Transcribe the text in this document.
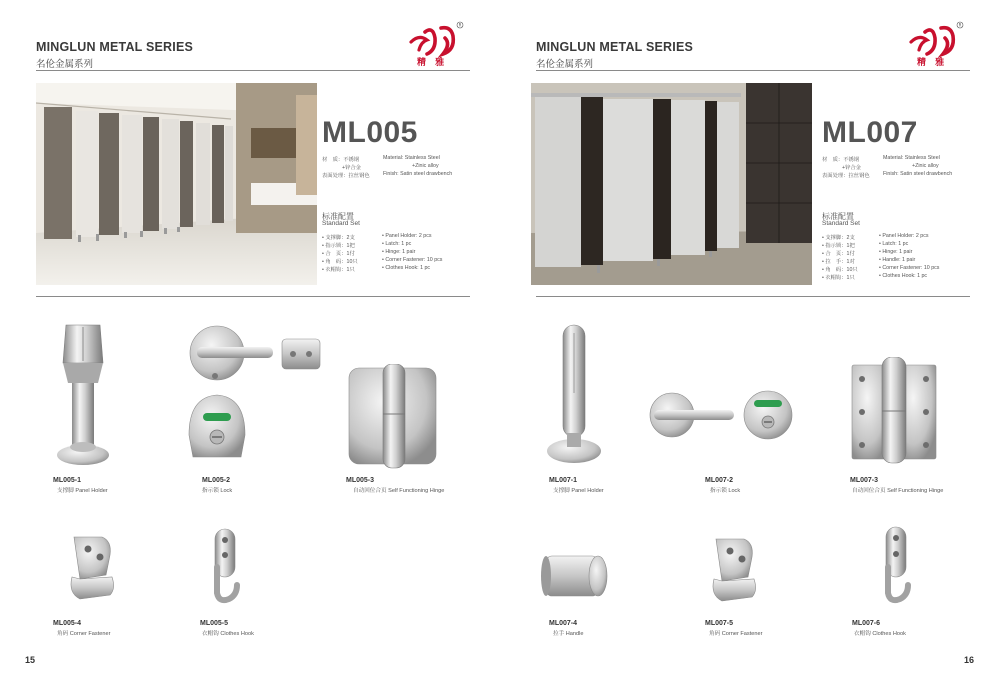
MINGLUN METAL SERIES
名伦金属系列
R
精 雅
ML005
材　质：不锈钢	Material: Stainless Steel
+锌合金	+Zinic alloy
表面处理：拉丝钢色	Finish: Satin steel drawbench
标准配置
Standard Set
• 支撑脚：2支
• 指示锁：1把
• 合　页：1付
• 角　码：10只
• 衣帽钩：1只
• Panel Holder: 2 pcs
• Latch: 1 pc
• Hinge: 1 pair
• Corner Fastener: 10 pcs
• Clothes Hook: 1 pc
ML005-1
支撑脚 Panel Holder
ML005-2
指示锁 Lock
ML005-3
自动回位合页 Self Functioning Hinge
ML005-4
角码 Corner Fastener
ML005-5
衣帽钩 Clothes Hook
15
MINGLUN METAL SERIES
名伦金属系列
R
精 雅
ML007
材　质：不锈钢	Material: Stainless Steel
+锌合金	+Zinic alloy
表面处理：拉丝钢色	Finish: Satin steel drawbench
标准配置
Standard Set
• 支撑脚：2支
• 指示锁：1把
• 合　页：1付
• 拉　手：1对
• 角　码：10只
• 衣帽钩：1只
• Panel Holder: 2 pcs
• Latch: 1 pc
• Hinge: 1 pair
• Handle: 1 pair
• Corner Fastener: 10 pcs
• Clothes Hook: 1 pc
ML007-1
支撑脚 Panel Holder
ML007-2
指示锁 Lock
ML007-3
自动回位合页 Self Functioning Hinge
ML007-4
拉手 Handle
ML007-5
角码 Corner Fastener
ML007-6
衣帽钩 Clothes Hook
16
